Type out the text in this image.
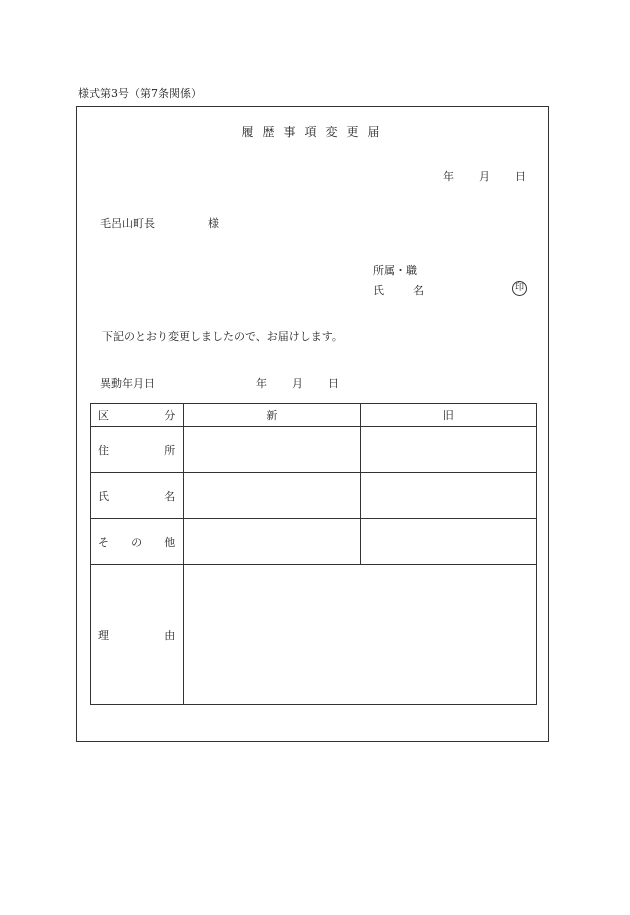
様式第3号（第7条関係）
履歴事項変更届
年 月 日
毛呂山町長	様
所属・職
氏	名	印
下記のとおり変更しましたので、お届けします。
異動年月日	年 月 日
区 分	新	旧

住 所		

氏 名		

そ の 他		

理 由		
